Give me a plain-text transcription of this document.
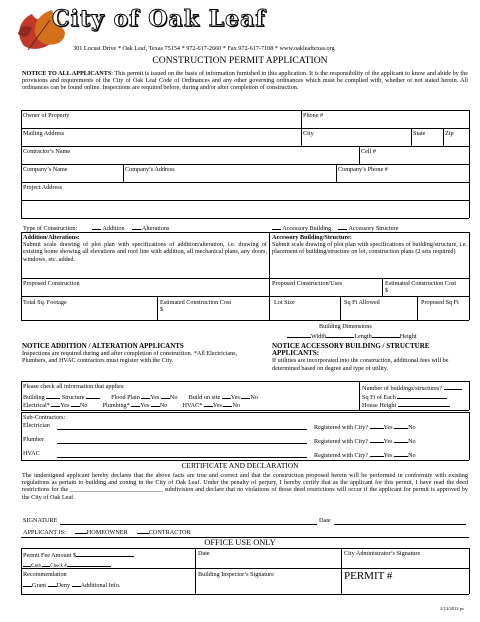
City of Oak Leaf
301 Locust Drive * Oak Leaf, Texas 75154 * 972-617-2660 * Fax 972-617-7108 * www.oakleaftexas.org
CONSTRUCTION PERMIT APPLICATION
NOTICE TO ALL APPLICANTS: This permit is issued on the basis of information furnished in this application. It is the responsibility of the applicant to know and abide by the provisions and requirements of the City of Oak Leaf Code of Ordinances and any other governing ordinances which must be complied with, whether or not stated herein. All ordinances can be found online. Inspections are required before, during and/or after completion of construction.
Owner of Property	Phone #
Mailing Address	City	State	Zip
Contractor’s Name	Cell #
Company’s Name	Company’s Address	Company’s Phone #
Project Address
Type of Construction:	Addition	Alterations	Accessory Building	Accessory Structure
Addition/Alterations:
Submit scale drawing of plot plan with specifications of addition/alteration, i.e. drawing of existing home showing all elevations and roof line with addition, all mechanical plans, any doors, windows, etc. added.
Accessory Building/Structure:
Submit scale drawing of plot plan with specifications of building/structure, i.e. placement of building/structure on lot, construction plans (2 sets required)
Proposed Construction	Proposed Construction/Uses	Estimated Construction Cost
$
Total Sq. Footage	Estimated Construction Cost
$
Lot Size	Sq Ft Allowed	Proposed Sq Ft
Building Dimensions
Width	Length	Height
NOTICE ADDITION / ALTERATION APPLICANTS
Inspections are required during and after completion of construction. *All Electricians, Plumbers, and HVAC contractors must register with the City.
NOTICE ACCESSORY BUILDING / STRUCTURE APPLICANTS:
If utilities are incorporated into the construction, additional fees will be determined based on degree and type of utility.
Please check all information that applies:
Building	Structure	Flood Plain Yes No Build on site Yes No
Electrical* Yes No Plumbing* Yes No HVAC* Yes No
Number of buildings/structures?
Sq Ft of Each
House Height
Sub-Contractors:
Electrician	Registered with City?	Yes	No
Plumber	Registered with City?	Yes	No
HVAC	Registered with City?	Yes	No
CERTIFICATE AND DECLARATION
The undersigned applicant hereby declares that the above facts are true and correct and that the construction proposed herein will be performed in conformity with existing regulations as pertain to building and zoning in the City of Oak Leaf. Under the penalty of perjury, I hereby certify that as the applicant for this permit, I have read the deed restrictions for the ______________________________ subdivision and declare that no violations of those deed restrictions will occur if the applicant for permit is approved by the City of Oak Leaf.
SIGNATURE	Date
APPLICANT IS:	HOMEOWNER	CONTRACTOR
OFFICE USE ONLY
Permit Fee Amount $
Cash Check #
Date	City Administrator’s Signature
Recommendation
Grant Deny Additional Info.
Building Inspector’s Signature	PERMIT #
2/13/2012 pc
